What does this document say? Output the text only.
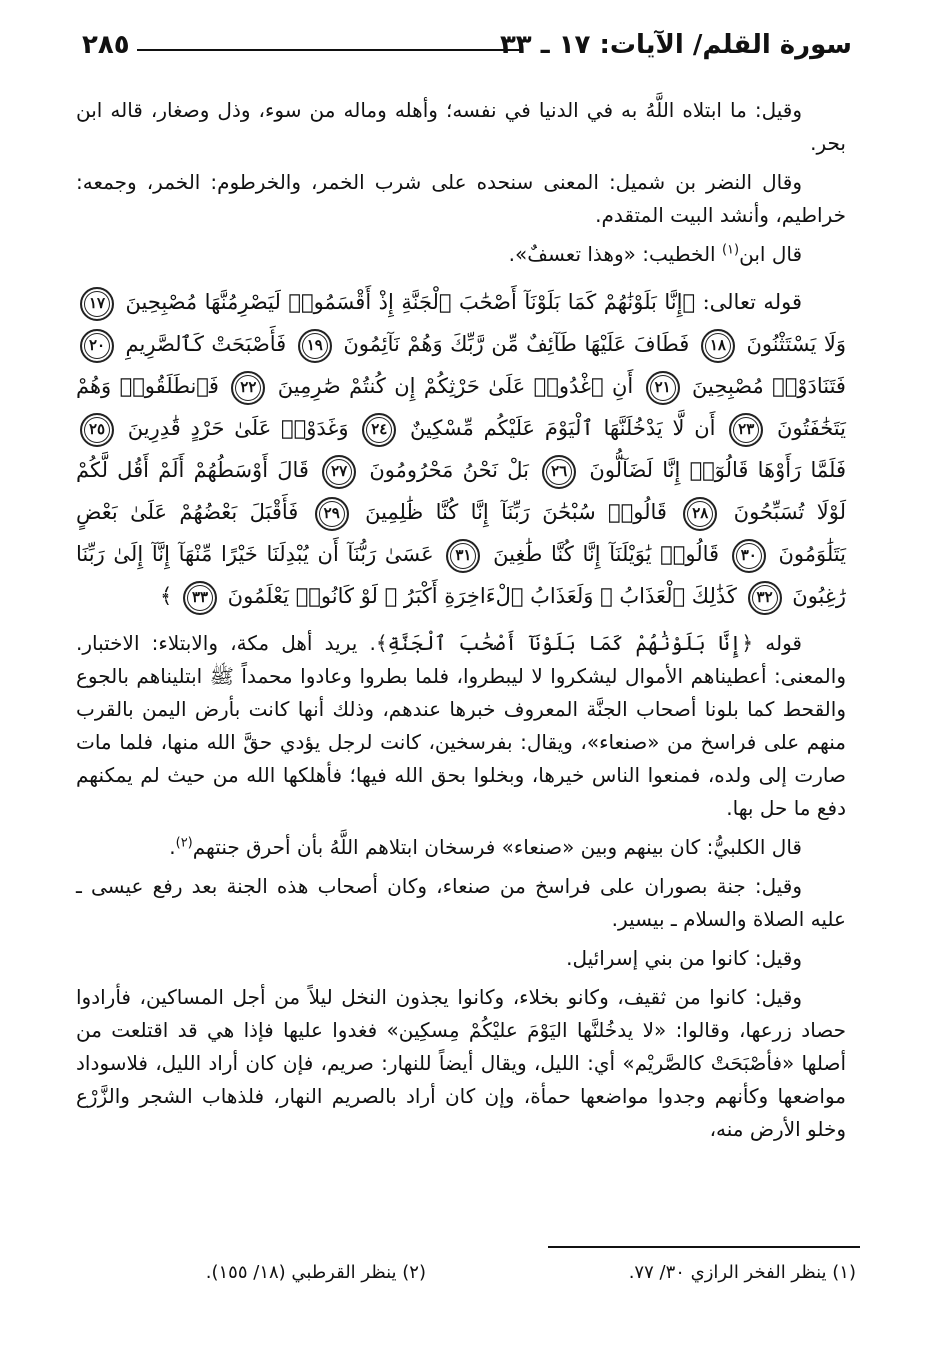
سورة القلم/ الآيات: ١٧ ـ ٣٣
٢٨٥

وقيل: ما ابتلاه اللَّهُ به في الدنيا في نفسه؛ وأهله وماله من سوء، وذل وصغار، قاله ابن بحر.

وقال النضر بن شميل: المعنى سنحده على شرب الخمر، والخرطوم: الخمر، وجمعه: خراطيم، وأنشد البيت المتقدم.

قال ابن$^{(١)}$ الخطيب: «وهذا تعسفٌ».

قوله تعالى: ﴿إِنَّا بَلَوْنَٰهُمْ كَمَا بَلَوْنَآ أَصْحَٰبَ ٱلْجَنَّةِ إِذْ أَقْسَمُوا۟ لَيَصْرِمُنَّهَا مُصْبِحِينَ ١٧ وَلَا يَسْتَثْنُونَ ١٨ فَطَافَ عَلَيْهَا طَآئِفٌ مِّن رَّبِّكَ وَهُمْ نَآئِمُونَ ١٩ فَأَصْبَحَتْ كَٱلصَّرِيمِ ٢٠ فَتَنَادَوْا۟ مُصْبِحِينَ ٢١ أَنِ ٱغْدُوا۟ عَلَىٰ حَرْثِكُمْ إِن كُنتُمْ صَٰرِمِينَ ٢٢ فَٱنطَلَقُوا۟ وَهُمْ يَتَخَٰفَتُونَ ٢٣ أَن لَّا يَدْخُلَنَّهَا ٱلْيَوْمَ عَلَيْكُم مِّسْكِينٌ ٢٤ وَغَدَوْا۟ عَلَىٰ حَرْدٍ قَٰدِرِينَ ٢٥ فَلَمَّا رَأَوْهَا قَالُوٓا۟ إِنَّا لَضَآلُّونَ ٢٦ بَلْ نَحْنُ مَحْرُومُونَ ٢٧ قَالَ أَوْسَطُهُمْ أَلَمْ أَقُل لَّكُمْ لَوْلَا تُسَبِّحُونَ ٢٨ قَالُوا۟ سُبْحَٰنَ رَبِّنَآ إِنَّا كُنَّا ظَٰلِمِينَ ٢٩ فَأَقْبَلَ بَعْضُهُمْ عَلَىٰ بَعْضٍ يَتَلَٰوَمُونَ ٣٠ قَالُوا۟ يَٰوَيْلَنَآ إِنَّا كُنَّا طَٰغِينَ ٣١ عَسَىٰ رَبُّنَآ أَن يُبْدِلَنَا خَيْرًا مِّنْهَآ إِنَّآ إِلَىٰ رَبِّنَا رَٰغِبُونَ ٣٢ كَذَٰلِكَ ٱلْعَذَابُ ۖ وَلَعَذَابُ ٱلْءَاخِرَةِ أَكْبَرُ ۚ لَوْ كَانُوا۟ يَعْلَمُونَ ٣٣ ﴾

قوله ﴿إِنَّا بَلَوْنَٰهُمْ كَمَا بَلَوْنَآ أَصْحَٰبَ ٱلْجَنَّةِ﴾. يريد أهل مكة، والابتلاء: الاختبار. والمعنى: أعطيناهم الأموال ليشكروا لا ليبطروا، فلما بطروا وعادوا محمداً ﷺ ابتليناهم بالجوع والقحط كما بلونا أصحاب الجنَّة المعروف خبرها عندهم، وذلك أنها كانت بأرض اليمن بالقرب منهم على فراسخ من «صنعاء»، ويقال: بفرسخين، كانت لرجل يؤدي حقَّ الله منها، فلما مات صارت إلى ولده، فمنعوا الناس خيرها، وبخلوا بحق الله فيها؛ فأهلكها الله من حيث لم يمكنهم دفع ما حل بها.

قال الكلبيُّ: كان بينهم وبين «صنعاء» فرسخان ابتلاهم اللَّهُ بأن أحرق جنتهم$^{(٢)}$.

وقيل: جنة بصوران على فراسخ من صنعاء، وكان أصحاب هذه الجنة بعد رفع عيسى ـ عليه الصلاة والسلام ـ بيسير.

وقيل: كانوا من بني إسرائيل.

وقيل: كانوا من ثقيف، وكانو بخلاء، وكانوا يجذون النخل ليلاً من أجل المساكين، فأرادوا حصاد زرعها، وقالوا: «لا يدخُلنَّها اليَوْمَ عليْكُمْ مِسكِين» فغدوا عليها فإذا هي قد اقتلعت من أصلها «فأصْبَحَتْ كالصَّريْم» أي: الليل، ويقال أيضاً للنهار: صريم، فإن كان أراد الليل، فلاسوداد مواضعها وكأنهم وجدوا مواضعها حمأة، وإن كان أراد بالصريم النهار، فلذهاب الشجر والزَّرْع وخلو الأرض منه،

(١) ينظر الفخر الرازي ٣٠/ ٧٧.
(٢) ينظر القرطبي (١٨/ ١٥٥).
